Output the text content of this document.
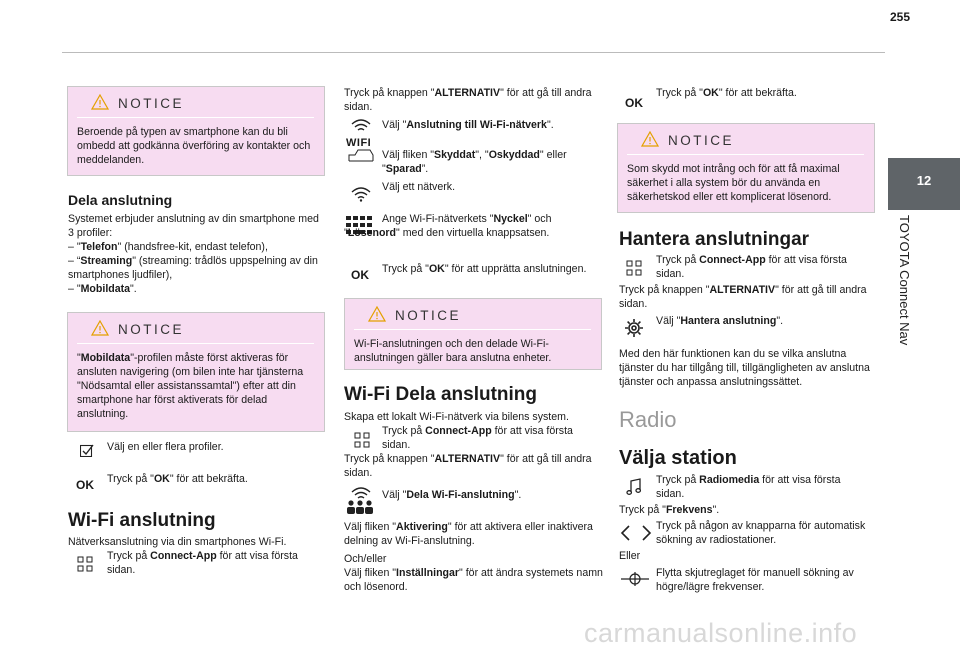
255
12
TOYOTA Connect Nav
NOTICE
Beroende på typen av smartphone kan du bli ombedd att godkänna överföring av kontakter och meddelanden.
Dela anslutning
Systemet erbjuder anslutning av din smartphone med 3 profiler:
– "Telefon" (handsfree-kit, endast telefon),
– “Streaming" (streaming: trådlös uppspelning av din smartphones ljudfiler),
– "Mobildata".
NOTICE
"Mobildata"-profilen måste först aktiveras för ansluten navigering (om bilen inte har tjänsterna "Nödsamtal eller assistanssamtal") efter att din smartphone har först aktiverats för delad anslutning.
Välj en eller flera profiler.
OK Tryck på "OK" för att bekräfta.
Wi-Fi anslutning
Nätverksanslutning via din smartphones Wi-Fi.
Tryck på Connect-App för att visa första sidan.
Tryck på knappen "ALTERNATIV" för att gå till andra sidan.
WIFI
Välj "Anslutning till Wi-Fi-nätverk".
Välj fliken "Skyddat", "Oskyddad" eller "Sparad”.
Välj ett nätverk.
Ange Wi-Fi-nätverkets "Nyckel" och "Lösenord" med den virtuella knappsatsen.
OK Tryck på "OK" för att upprätta anslutningen.
NOTICE
Wi-Fi-anslutningen och den delade Wi-Fi-anslutningen gäller bara anslutna enheter.
Wi-Fi Dela anslutning
Skapa ett lokalt Wi-Fi-nätverk via bilens system.
Tryck på Connect-App för att visa första sidan.
Tryck på knappen "ALTERNATIV" för att gå till andra sidan.
Välj "Dela Wi-Fi-anslutning".
Välj fliken "Aktivering" för att aktivera eller inaktivera delning av Wi-Fi-anslutning.
Och/eller
Välj fliken "Inställningar" för att ändra systemets namn och lösenord.
OK
Tryck på "OK" för att bekräfta.
NOTICE
Som skydd mot intrång och för att få maximal säkerhet i alla system bör du använda en säkerhetskod eller ett komplicerat lösenord.
Hantera anslutningar
Tryck på Connect-App för att visa första sidan.
Tryck på knappen "ALTERNATIV" för att gå till andra sidan.
Välj "Hantera anslutning".
Med den här funktionen kan du se vilka anslutna tjänster du har tillgång till, tillgängligheten av anslutna tjänster och anpassa anslutningssättet.
Radio
Välja station
Tryck på Radiomedia för att visa första sidan.
Tryck på "Frekvens".
Tryck på någon av knapparna för automatisk sökning av radiostationer.
Eller
Flytta skjutreglaget för manuell sökning av högre/lägre frekvenser.
carmanualsonline.info
